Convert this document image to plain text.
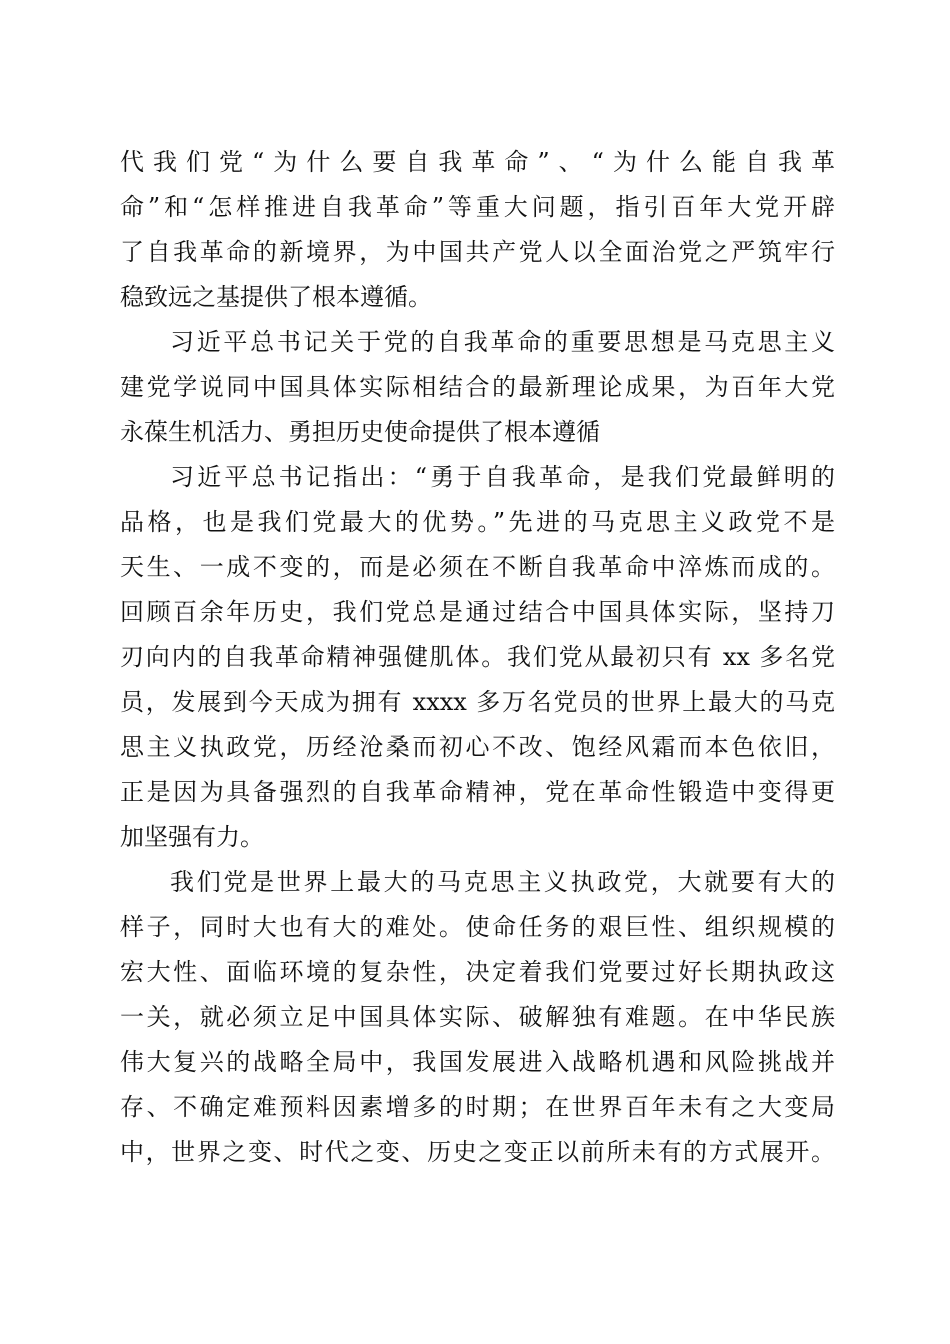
代我们党“为什么要自我革命”、“为什么能自我革
命”和“怎样推进自我革命”等重大问题，指引百年大党开辟
了自我革命的新境界，为中国共产党人以全面治党之严筑牢行
稳致远之基提供了根本遵循。
习近平总书记关于党的自我革命的重要思想是马克思主义
建党学说同中国具体实际相结合的最新理论成果，为百年大党
永葆生机活力、勇担历史使命提供了根本遵循
习近平总书记指出：“勇于自我革命，是我们党最鲜明的
品格，也是我们党最大的优势。”先进的马克思主义政党不是
天生、一成不变的，而是必须在不断自我革命中淬炼而成的。
回顾百余年历史，我们党总是通过结合中国具体实际，坚持刀
刃向内的自我革命精神强健肌体。我们党从最初只有 xx 多名党
员，发展到今天成为拥有 xxxx 多万名党员的世界上最大的马克
思主义执政党，历经沧桑而初心不改、饱经风霜而本色依旧，
正是因为具备强烈的自我革命精神，党在革命性锻造中变得更
加坚强有力。
我们党是世界上最大的马克思主义执政党，大就要有大的
样子，同时大也有大的难处。使命任务的艰巨性、组织规模的
宏大性、面临环境的复杂性，决定着我们党要过好长期执政这
一关，就必须立足中国具体实际、破解独有难题。在中华民族
伟大复兴的战略全局中，我国发展进入战略机遇和风险挑战并
存、不确定难预料因素增多的时期；在世界百年未有之大变局
中，世界之变、时代之变、历史之变正以前所未有的方式展开。
